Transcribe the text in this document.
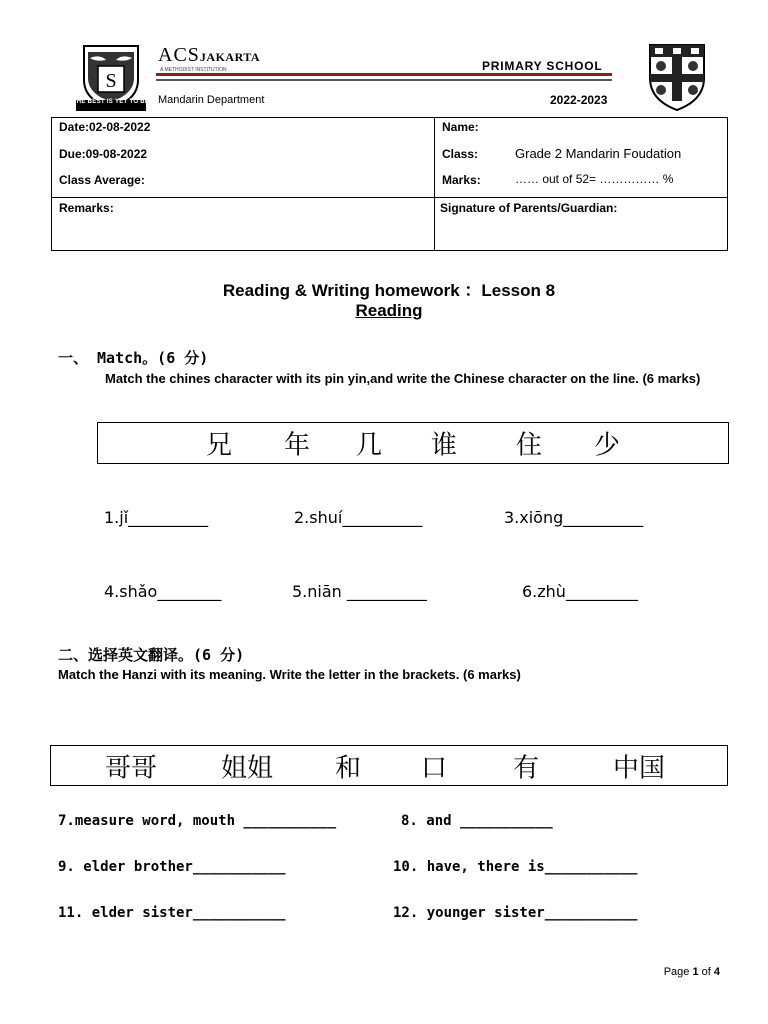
S
THE BEST IS YET TO BE
ACSJAKARTA
A METHODIST INSTITUTION	PRIMARY SCHOOL
Mandarin Department	2022-2023
Date:02-08-2022
Due:09-08-2022
Class Average:
Name:
Class:	Grade 2 Mandarin Foudation
Marks:	…… out of 52= …………… %
Remarks:	Signature of Parents/Guardian:
Reading & Writing homework ：Lesson 8
Reading
一、 Match。(6 分)
Match the chines character with its pin yin,and write the Chinese character on the line. (6 marks)
兄 年 几 谁 住 少
1.jǐ__________	2.shuí__________	3.xiōng__________
4.shǎo________	5.niān __________	6.zhù_________
二、选择英文翻译。(6 分)
Match the Hanzi with its meaning. Write the letter in the brackets. (6 marks)
哥哥 姐姐 和 口	有	中国
7.measure word, mouth ___________	8. and ___________
9. elder brother___________	10. have, there is___________
11. elder sister___________	12. younger sister___________
Page 1 of 4
